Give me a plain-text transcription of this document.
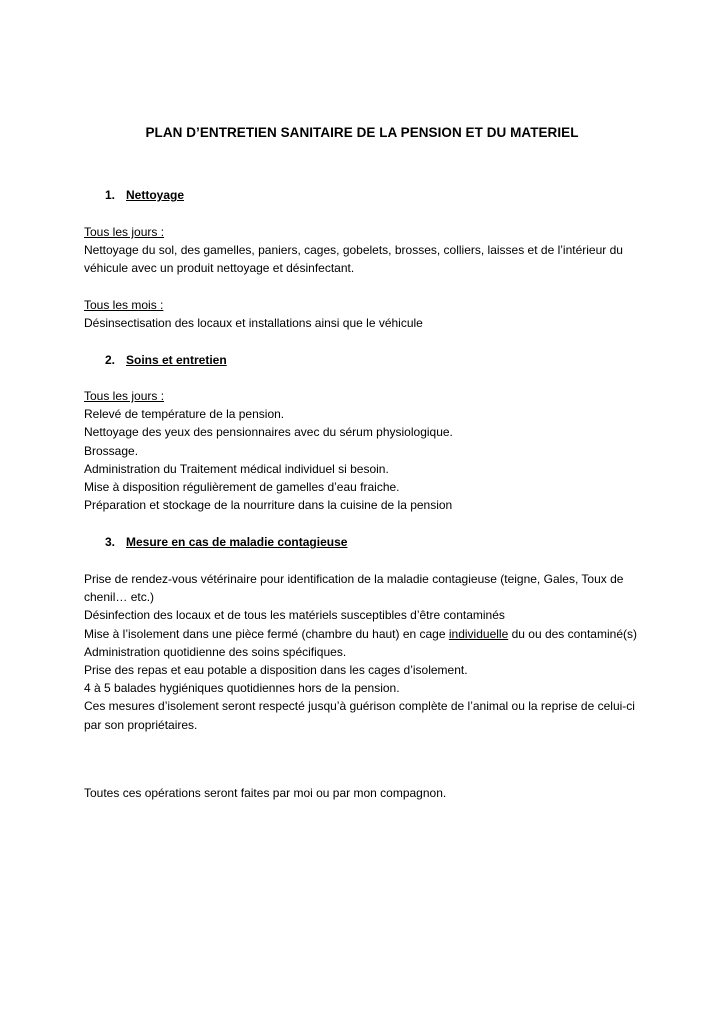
PLAN D’ENTRETIEN SANITAIRE DE LA PENSION ET DU MATERIEL
1. Nettoyage

Tous les jours :

Nettoyage du sol, des gamelles, paniers, cages, gobelets, brosses, colliers, laisses et de l’intérieur du

véhicule avec un produit nettoyage et désinfectant.

Tous les mois :

Désinsectisation des locaux et installations ainsi que le véhicule

2. Soins et entretien

Tous les jours :

Relevé de température de la pension.

Nettoyage des yeux des pensionnaires avec du sérum physiologique.

Brossage.

Administration du Traitement médical individuel si besoin.

Mise à disposition régulièrement de gamelles d’eau fraiche.

Préparation et stockage de la nourriture dans la cuisine de la pension

3. Mesure en cas de maladie contagieuse

Prise de rendez-vous vétérinaire pour identification de la maladie contagieuse (teigne, Gales, Toux de

chenil… etc.)

Désinfection des locaux et de tous les matériels susceptibles d’être contaminés

Mise à l’isolement dans une pièce fermé (chambre du haut) en cage individuelle du ou des contaminé(s)

Administration quotidienne des soins spécifiques.

Prise des repas et eau potable a disposition dans les cages d’isolement.

4 à 5 balades hygiéniques quotidiennes hors de la pension.

Ces mesures d’isolement seront respecté jusqu’à guérison complète de l’animal ou la reprise de celui-ci

par son propriétaires.

Toutes ces opérations seront faites par moi ou par mon compagnon.
